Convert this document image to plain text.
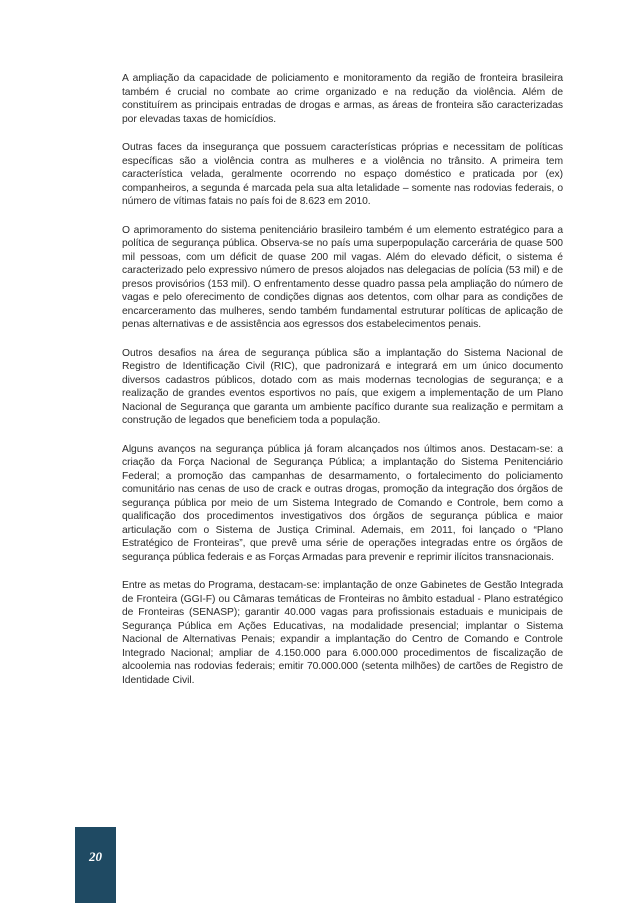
A ampliação da capacidade de policiamento e monitoramento da região de fronteira brasileira também é crucial no combate ao crime organizado e na redução da violência. Além de constituírem as principais entradas de drogas e armas, as áreas de fronteira são caracterizadas por elevadas taxas de homicídios.

Outras faces da insegurança que possuem características próprias e necessitam de políticas específicas são a violência contra as mulheres e a violência no trânsito. A primeira tem característica velada, geralmente ocorrendo no espaço doméstico e praticada por (ex) companheiros, a segunda é marcada pela sua alta letalidade – somente nas rodovias federais, o número de vítimas fatais no país foi de 8.623 em 2010.

O aprimoramento do sistema penitenciário brasileiro também é um elemento estratégico para a política de segurança pública. Observa-se no país uma superpopulação carcerária de quase 500 mil pessoas, com um déficit de quase 200 mil vagas. Além do elevado déficit, o sistema é caracterizado pelo expressivo número de presos alojados nas delegacias de polícia (53 mil) e de presos provisórios (153 mil). O enfrentamento desse quadro passa pela ampliação do número de vagas e pelo oferecimento de condições dignas aos detentos, com olhar para as condições de encarceramento das mulheres, sendo também fundamental estruturar políticas de aplicação de penas alternativas e de assistência aos egressos dos estabelecimentos penais.

Outros desafios na área de segurança pública são a implantação do Sistema Nacional de Registro de Identificação Civil (RIC), que padronizará e integrará em um único documento diversos cadastros públicos, dotado com as mais modernas tecnologias de segurança; e a realização de grandes eventos esportivos no país, que exigem a implementação de um Plano Nacional de Segurança que garanta um ambiente pacífico durante sua realização e permitam a construção de legados que beneficiem toda a população.

Alguns avanços na segurança pública já foram alcançados nos últimos anos. Destacam-se: a criação da Força Nacional de Segurança Pública; a implantação do Sistema Penitenciário Federal; a promoção das campanhas de desarmamento, o fortalecimento do policiamento comunitário nas cenas de uso de crack e outras drogas, promoção da integração dos órgãos de segurança pública por meio de um Sistema Integrado de Comando e Controle, bem como a qualificação dos procedimentos investigativos dos órgãos de segurança pública e maior articulação com o Sistema de Justiça Criminal. Ademais, em 2011, foi lançado o “Plano Estratégico de Fronteiras”, que prevê uma série de operações integradas entre os órgãos de segurança pública federais e as Forças Armadas para prevenir e reprimir ilícitos transnacionais.

Entre as metas do Programa, destacam-se: implantação de onze Gabinetes de Gestão Integrada de Fronteira (GGI-F) ou Câmaras temáticas de Fronteiras no âmbito estadual - Plano estratégico de Fronteiras (SENASP); garantir 40.000 vagas para profissionais estaduais e municipais de Segurança Pública em Ações Educativas, na modalidade presencial; implantar o Sistema Nacional de Alternativas Penais; expandir a implantação do Centro de Comando e Controle Integrado Nacional; ampliar de 4.150.000 para 6.000.000 procedimentos de fiscalização de alcoolemia nas rodovias federais; emitir 70.000.000 (setenta milhões) de cartões de Registro de Identidade Civil.

20
